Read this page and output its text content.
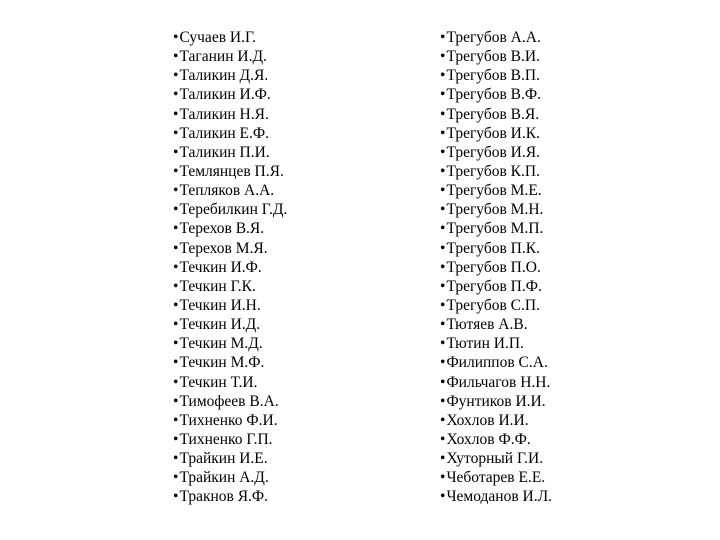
• Сучаев И.Г.
• Таганин И.Д.
• Таликин Д.Я.
• Таликин И.Ф.
• Таликин Н.Я.
• Таликин Е.Ф.
• Таликин П.И.
• Темлянцев П.Я.
• Тепляков А.А.
• Теребилкин Г.Д.
• Терехов В.Я.
• Терехов М.Я.
• Течкин И.Ф.
• Течкин Г.К.
• Течкин И.Н.
• Течкин И.Д.
• Течкин М.Д.
• Течкин М.Ф.
• Течкин Т.И.
• Тимофеев В.А.
• Тихненко Ф.И.
• Тихненко Г.П.
• Трайкин И.Е.
• Трайкин А.Д.
• Тракнов Я.Ф.
• Трегубов А.А.
• Трегубов В.И.
• Трегубов В.П.
• Трегубов В.Ф.
• Трегубов В.Я.
• Трегубов И.К.
• Трегубов И.Я.
• Трегубов К.П.
• Трегубов М.Е.
• Трегубов М.Н.
• Трегубов М.П.
• Трегубов П.К.
• Трегубов П.О.
• Трегубов П.Ф.
• Трегубов С.П.
• Тютяев А.В.
• Тютин И.П.
• Филиппов С.А.
• Фильчагов Н.Н.
• Фунтиков И.И.
• Хохлов И.И.
• Хохлов Ф.Ф.
• Хуторный Г.И.
• Чеботарев Е.Е.
• Чемоданов И.Л.
